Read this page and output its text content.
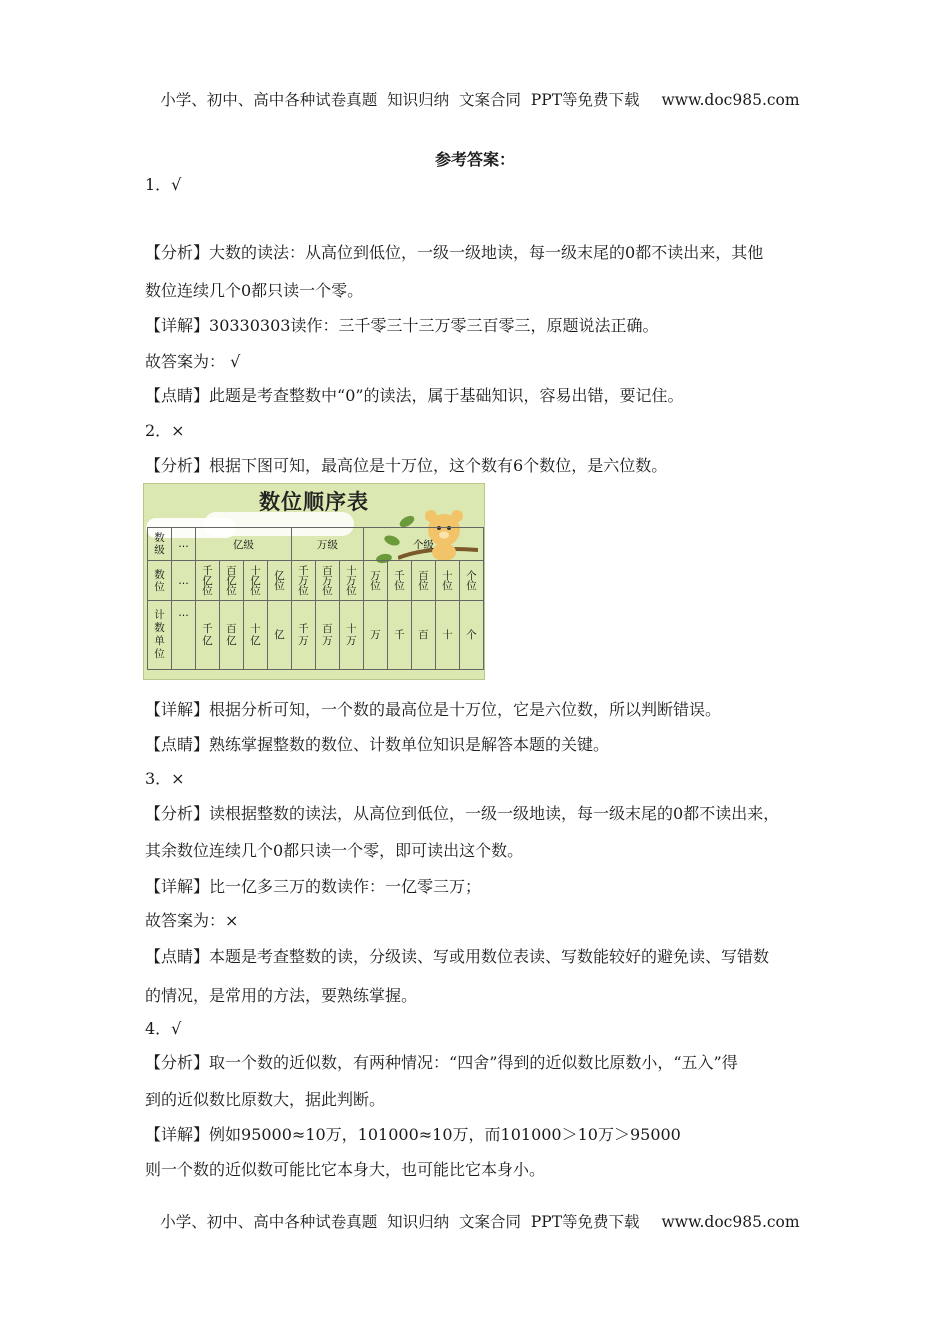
小学、初中、高中各种试卷真题  知识归纳  文案合同  PPT等免费下载 www.doc985.com

参考答案：
1．√
【分析】大数的读法：从高位到低位，一级一级地读，每一级末尾的0都不读出来，其他
数位连续几个0都只读一个零。
【详解】30330303读作：三千零三十三万零三百零三，原题说法正确。
故答案为： √
【点睛】此题是考查整数中“0”的读法，属于基础知识，容易出错，要记住。
2．×
【分析】根据下图可知，最高位是十万位，这个数有6个数位，是六位数。
数位顺序表
数级	…	亿级				万级			个级				
数位	…	千亿位	百亿位	十亿位	亿位	千万位	百万位	十万位	万位	千位	百位	十位	个位
计数单位	…	千亿	百亿	十亿	亿	千万	百万	十万	万	千	百	十	个
【详解】根据分析可知，一个数的最高位是十万位，它是六位数，所以判断错误。
【点睛】熟练掌握整数的数位、计数单位知识是解答本题的关键。
3．×
【分析】读根据整数的读法，从高位到低位，一级一级地读，每一级末尾的0都不读出来，
其余数位连续几个0都只读一个零，即可读出这个数。
【详解】比一亿多三万的数读作：一亿零三万；
故答案为：×
【点睛】本题是考查整数的读，分级读、写或用数位表读、写数能较好的避免读、写错数
的情况，是常用的方法，要熟练掌握。
4．√
【分析】取一个数的近似数，有两种情况：“四舍”得到的近似数比原数小，“五入”得
到的近似数比原数大，据此判断。
【详解】例如95000≈10万，101000≈10万，而101000＞10万＞95000
则一个数的近似数可能比它本身大，也可能比它本身小。

小学、初中、高中各种试卷真题  知识归纳  文案合同  PPT等免费下载 www.doc985.com
